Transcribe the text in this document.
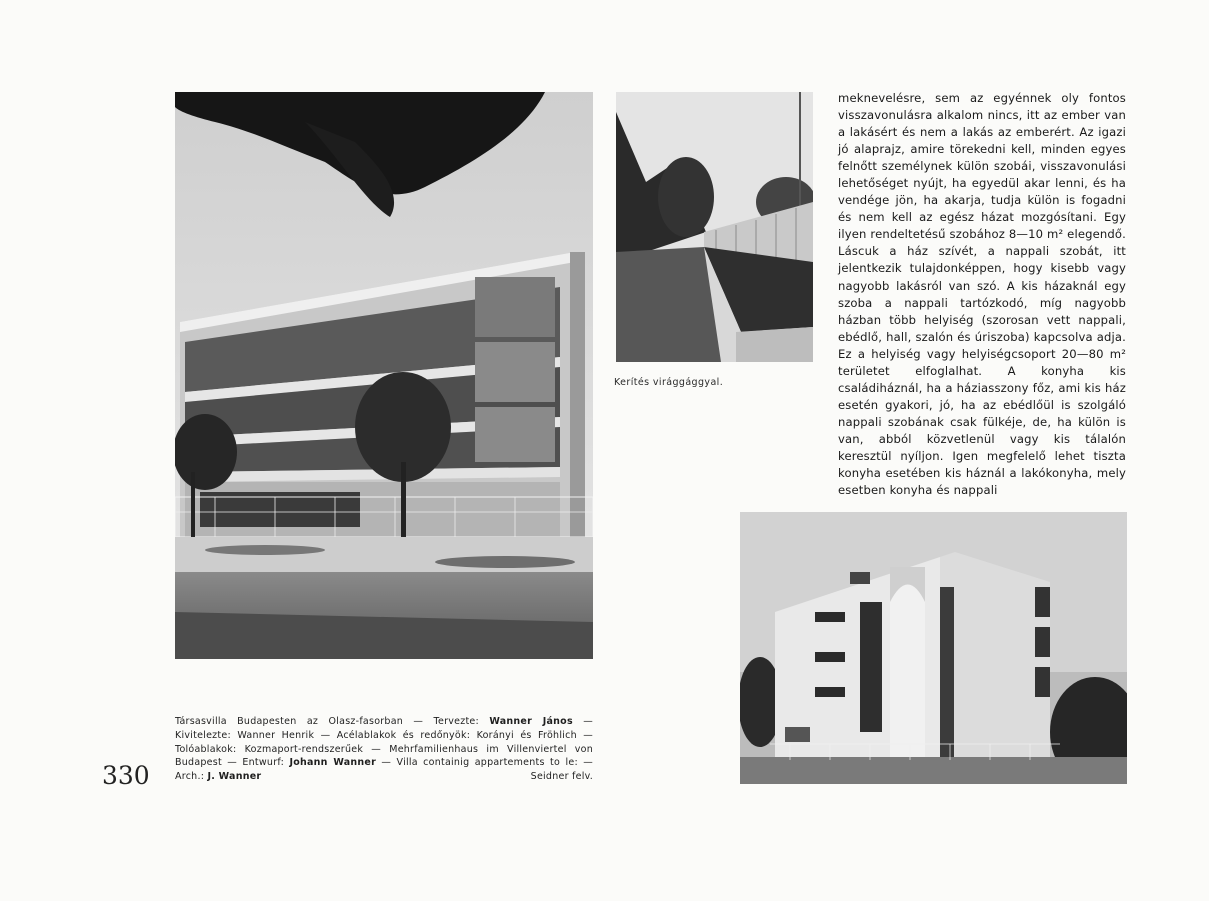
Kerítés virággággyal.
meknevelésre, sem az egyénnek oly fontos visszavonulásra alkalom nincs, itt az ember van a lakásért és nem a lakás az emberért. Az igazi jó alaprajz, amire törekedni kell, minden egyes felnőtt személynek külön szobái, visszavonulási lehetőséget nyújt, ha egyedül akar lenni, és ha vendége jön, ha akarja, tudja külön is fogadni és nem kell az egész házat mozgósítani. Egy ilyen rendeltetésű szobához 8—10 m² elegendő. Láscuk a ház szívét, a nappali szobát, itt jelentkezik tulajdonképpen, hogy kisebb vagy nagyobb lakásról van szó. A kis házaknál egy szoba a nappali tartózkodó, míg nagyobb házban több helyiség (szorosan vett nappali, ebédlő, hall, szalón és úriszoba) kapcsolva adja. Ez a helyiség vagy helyiségcsoport 20—80 m² területet elfoglalhat. A konyha kis családiháznál, ha a háziasszony főz, ami kis ház esetén gyakori, jó, ha az ebédlőül is szolgáló nappali szobának csak fülkéje, de, ha külön is van, abból közvetlenül vagy kis tálalón keresztül nyíljon. Igen megfelelő lehet tiszta konyha esetében kis háznál a lakókonyha, mely esetben konyha és nappali
Társasvilla Budapesten az Olasz-fasorban — Tervezte: Wanner János — Kivitelezte: Wanner Henrik — Acélablakok és redőnyök: Korányi és Fröhlich — Tolóablakok: Kozmaport-rendszerűek — Mehrfamilienhaus im Villenviertel von Budapest — Entwurf: Johann Wanner — Villa containig appartements to le: — Arch.: J. Wanner	Seidner felv.
330
